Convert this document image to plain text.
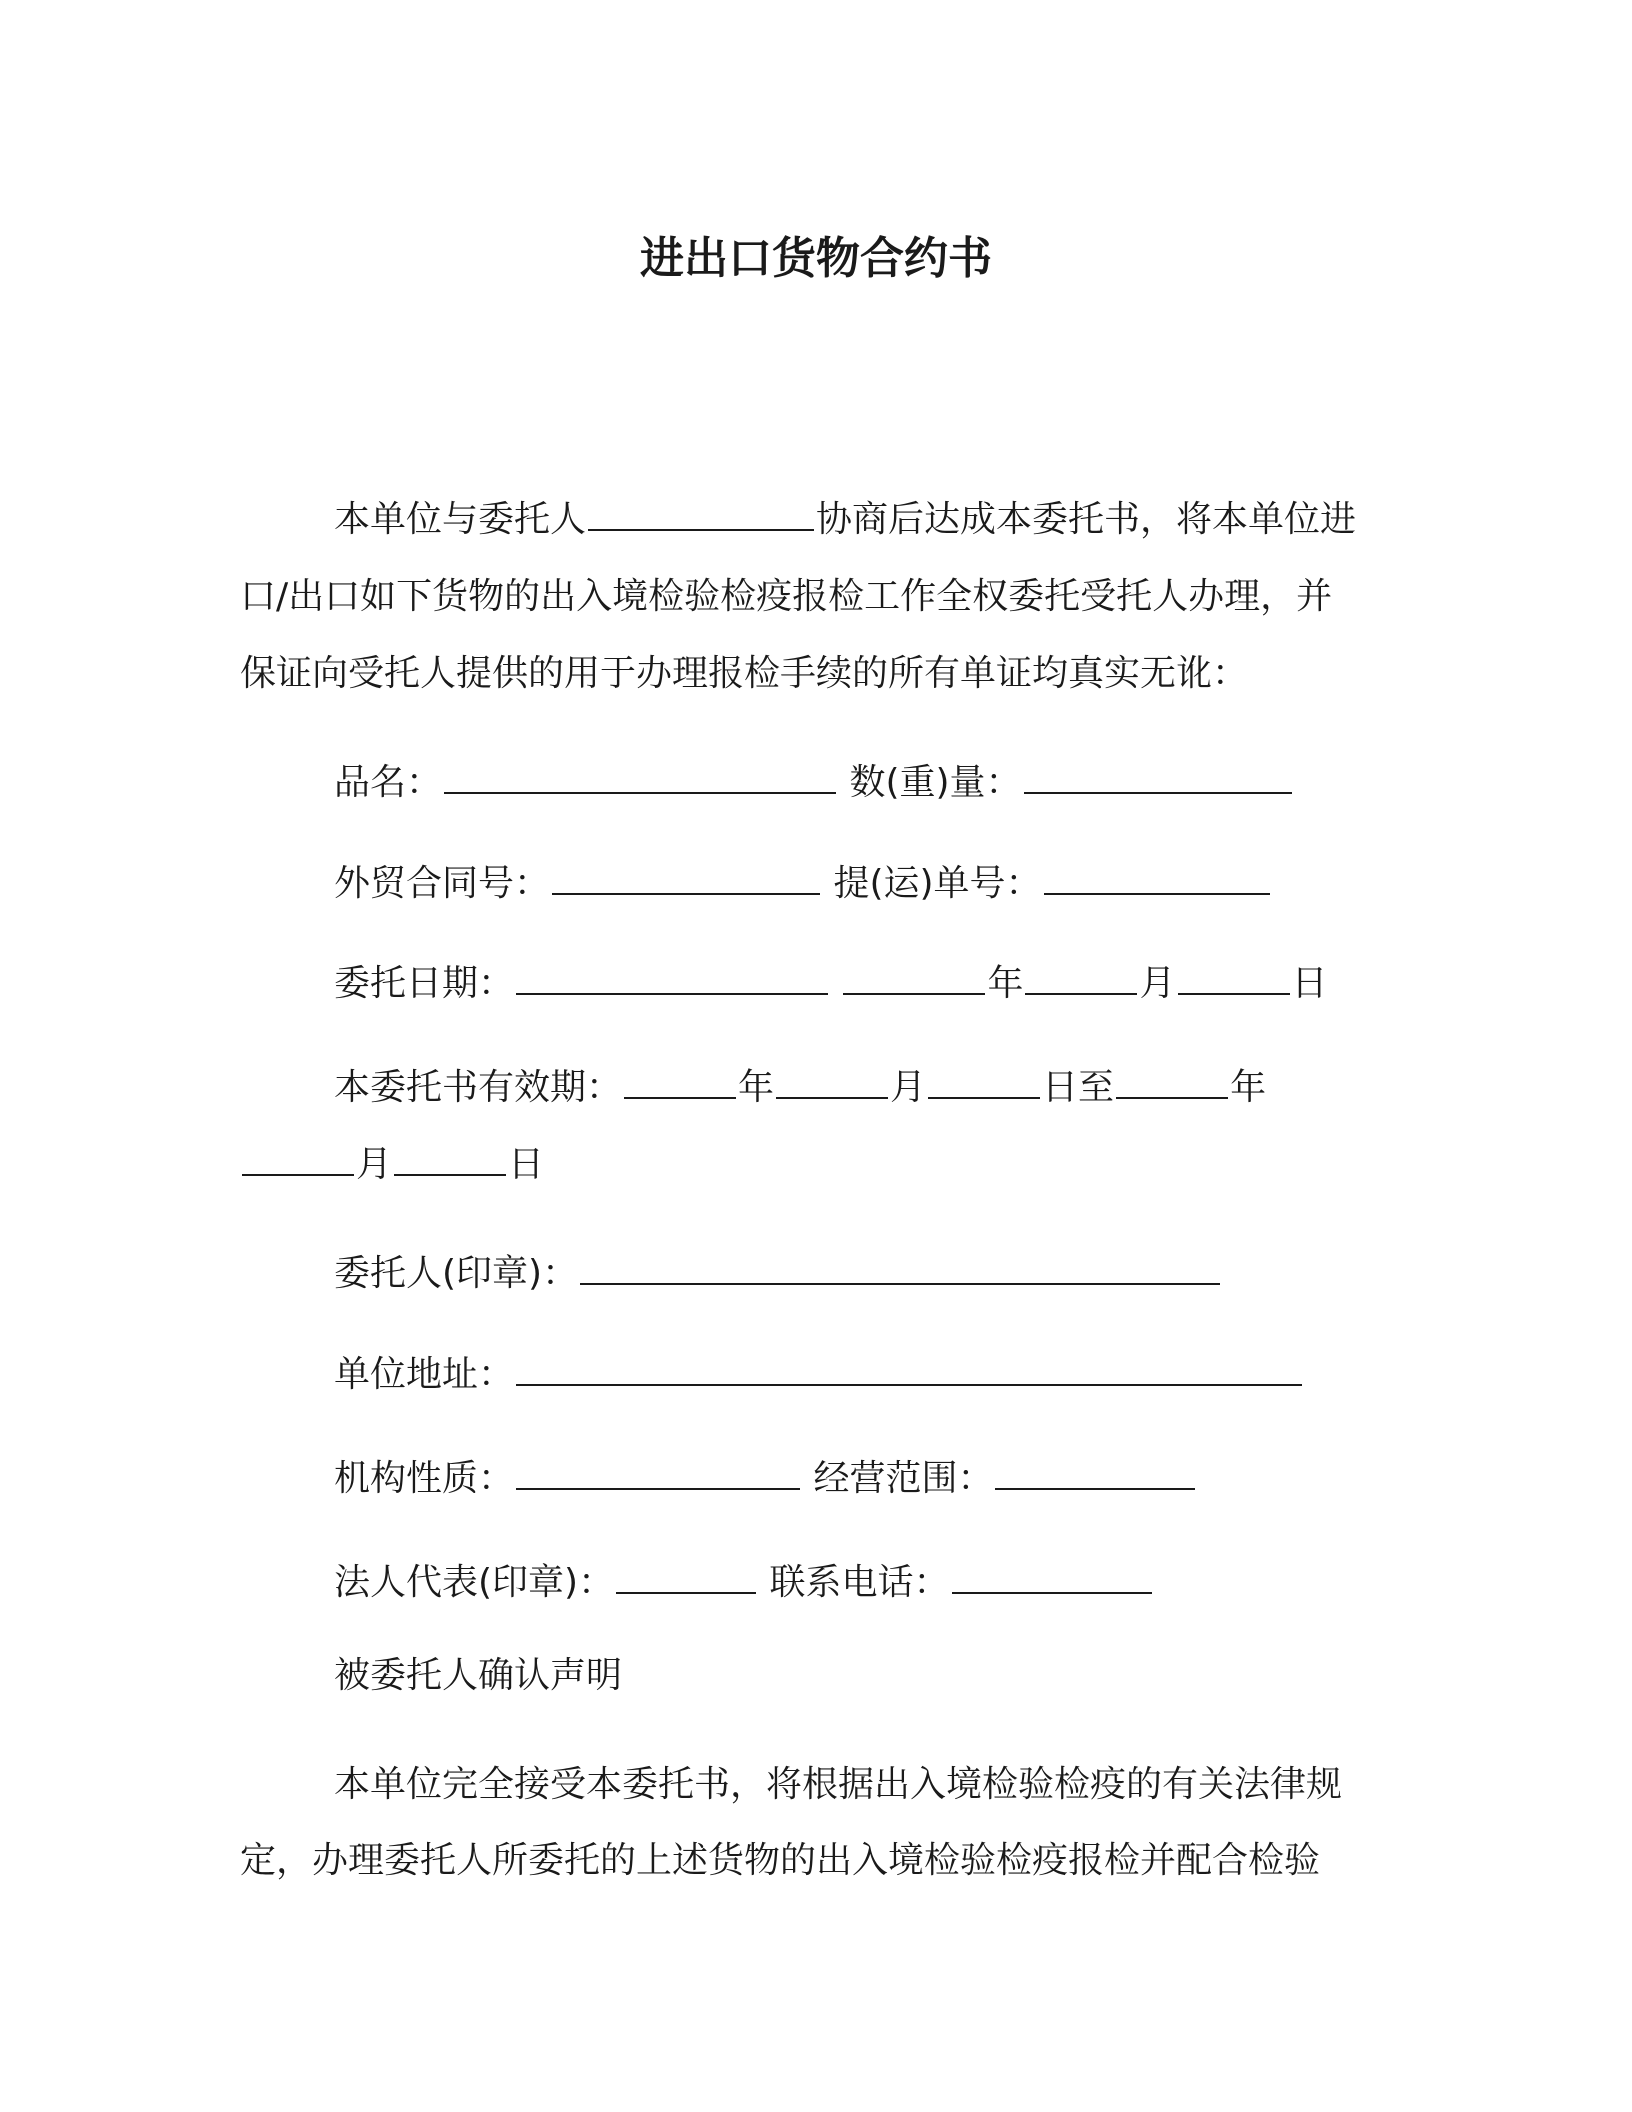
进出口货物合约书
本单位与委托人	协商后达成本委托书，将本单位进
口/出口如下货物的出入境检验检疫报检工作全权委托受托人办理，并
保证向受托人提供的用于办理报检手续的所有单证均真实无讹：
品名：	数(重)量：
外贸合同号：	提(运)单号：
委托日期：	年	月	日
本委托书有效期：	年	月	日至	年
月	日
委托人(印章)：
单位地址：
机构性质：	经营范围：
法人代表(印章)：	联系电话：
被委托人确认声明
本单位完全接受本委托书，将根据出入境检验检疫的有关法律规
定，办理委托人所委托的上述货物的出入境检验检疫报检并配合检验
